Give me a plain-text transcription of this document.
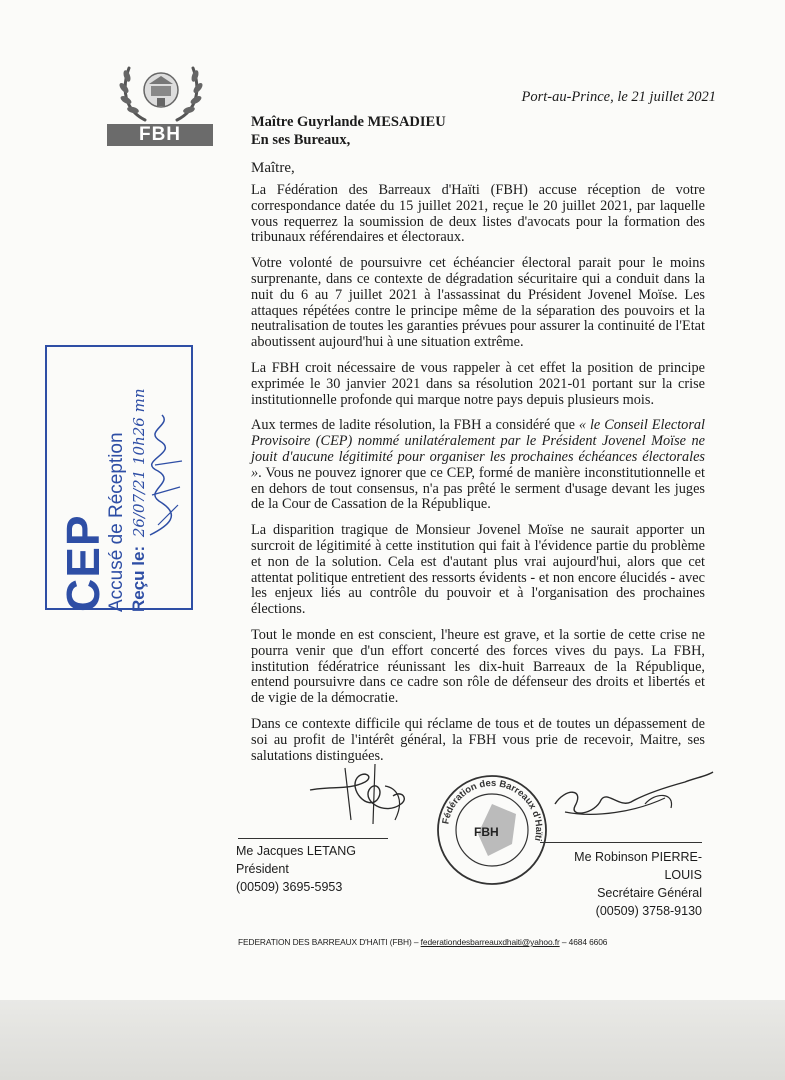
FBH
Port-au-Prince, le 21 juillet 2021
Maître Guyrlande MESADIEU
En ses Bureaux,
Maître,

La Fédération des Barreaux d'Haïti (FBH) accuse réception de votre correspondance datée du 15 juillet 2021, reçue le 20 juillet 2021, par laquelle vous requerrez la soumission de deux listes d'avocats pour la formation des tribunaux référendaires et électoraux.

Votre volonté de poursuivre cet échéancier électoral parait pour le moins surprenante, dans ce contexte de dégradation sécuritaire qui a conduit dans la nuit du 6 au 7 juillet 2021 à l'assassinat du Président Jovenel Moïse. Les attaques répétées contre le principe même de la séparation des pouvoirs et la neutralisation de toutes les garanties prévues pour assurer la continuité de l'Etat aboutissent aujourd'hui à une situation extrême.

La FBH croit nécessaire de vous rappeler à cet effet la position de principe exprimée le 30 janvier 2021 dans sa résolution 2021-01 portant sur la crise institutionnelle profonde qui marque notre pays depuis plusieurs mois.

Aux termes de ladite résolution, la FBH a considéré que « le Conseil Electoral Provisoire (CEP) nommé unilatéralement par le Président Jovenel Moïse ne jouit d'aucune légitimité pour organiser les prochaines échéances électorales ». Vous ne pouvez ignorer que ce CEP, formé de manière inconstitutionnelle et en dehors de tout consensus, n'a pas prêté le serment d'usage devant les juges de la Cour de Cassation de la République.

La disparition tragique de Monsieur Jovenel Moïse ne saurait apporter un surcroit de légitimité à cette institution qui fait à l'évidence partie du problème et non de la solution. Cela est d'autant plus vrai aujourd'hui, alors que cet attentat politique entretient des ressorts évidents - et non encore élucidés - avec les enjeux liés au contrôle du pouvoir et à l'organisation des prochaines élections.

Tout le monde en est conscient, l'heure est grave, et la sortie de cette crise ne pourra venir que d'un effort concerté des forces vives du pays. La FBH, institution fédératrice réunissant les dix-huit Barreaux de la République, entend poursuivre dans ce cadre son rôle de défenseur des droits et libertés et de vigie de la démocratie.

Dans ce contexte difficile qui réclame de tous et de toutes un dépassement de soi au profit de l'intérêt général, la FBH vous prie de recevoir, Maitre, ses salutations distinguées.

CEP
Accusé de Réception Reçu le: 26/07/21 10h26 mn
Fédération des Barreaux d'Haïti
FBH
Me Jacques LETANG
Président
(00509) 3695-5953
Me Robinson PIERRE-LOUIS
Secrétaire Général
(00509) 3758-9130
FEDERATION DES BARREAUX D'HAITI (FBH) – federationdesbarreauxdhaiti@yahoo.fr – 4684 6606
